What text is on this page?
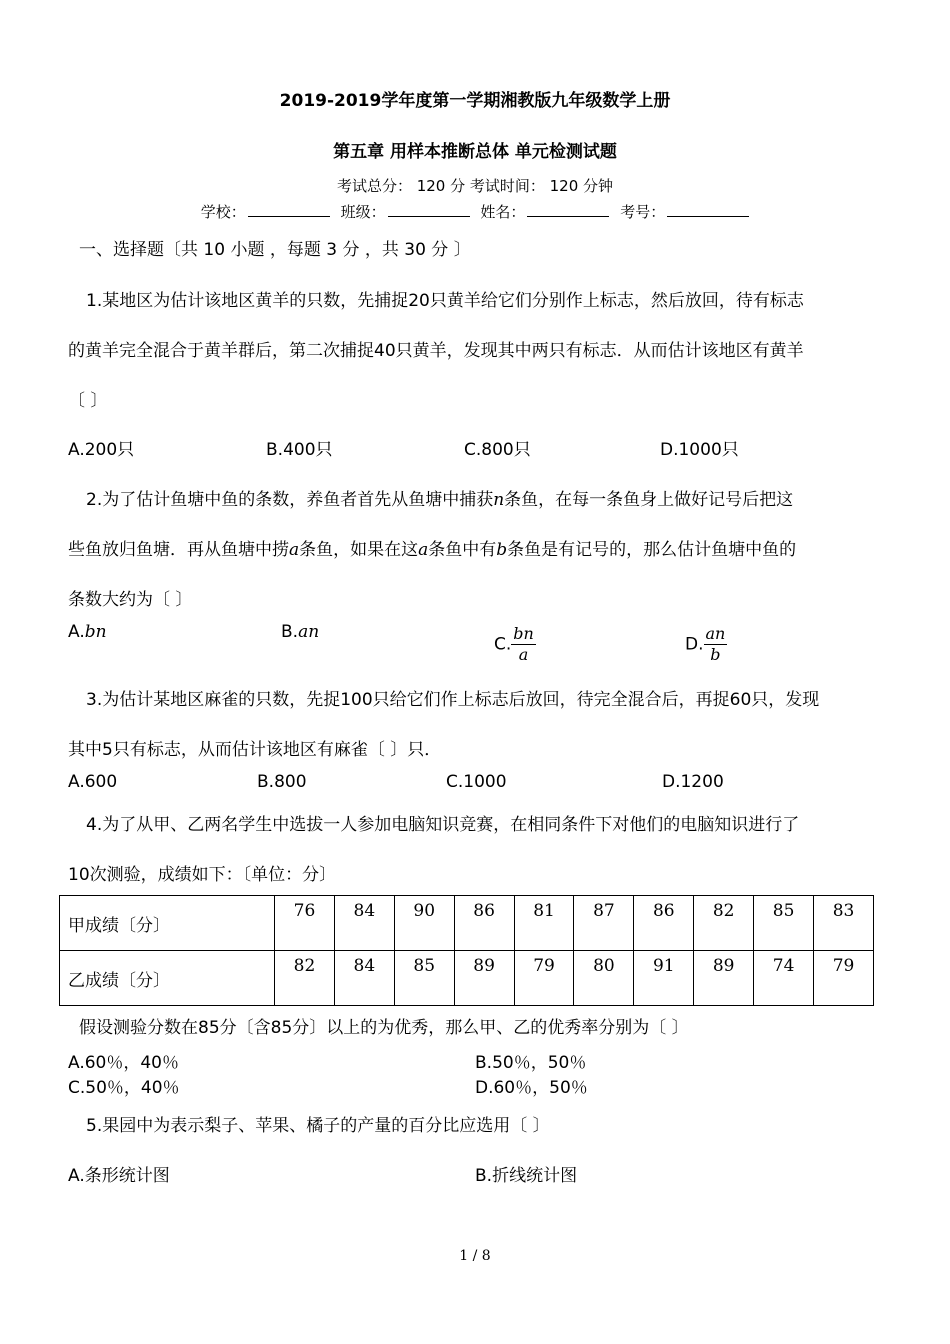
2019-2019学年度第一学期湘教版九年级数学上册
第五章 用样本推断总体 单元检测试题
考试总分： 120 分 考试时间： 120 分钟
学校：	班级：	姓名：	考号：
一、选择题〔共 10 小题 ，每题 3 分 ，共 30 分 〕
1.某地区为估计该地区黄羊的只数，先捕捉20只黄羊给它们分别作上标志，然后放回，待有标志
的黄羊完全混合于黄羊群后，第二次捕捉40只黄羊，发现其中两只有标志．从而估计该地区有黄羊
〔 〕
A.200只	B.400只	C.800只	D.1000只
2.为了估计鱼塘中鱼的条数，养鱼者首先从鱼塘中捕获n条鱼，在每一条鱼身上做好记号后把这
些鱼放归鱼塘．再从鱼塘中捞a条鱼，如果在这a条鱼中有b条鱼是有记号的，那么估计鱼塘中鱼的
条数大约为〔 〕
A.bn	B.an
C. $\frac{bn}{a}$	D. $\frac{an}{b}$
3.为估计某地区麻雀的只数，先捉100只给它们作上标志后放回，待完全混合后，再捉60只，发现
其中5只有标志，从而估计该地区有麻雀〔 〕只．
A.600	B.800	C.1000	D.1200
4.为了从甲、乙两名学生中选拔一人参加电脑知识竞赛，在相同条件下对他们的电脑知识进行了
10次测验，成绩如下：〔单位：分〕
甲成绩〔分〕	76	84	90	86	81	87	86	82	85	83
乙成绩〔分〕	82	84	85	89	79	80	91	89	74	79
假设测验分数在85分〔含85分〕以上的为优秀，那么甲、乙的优秀率分别为〔 〕
A.60％，40％	B.50％，50％
C.50％，40％	D.60％，50％
5.果园中为表示梨子、苹果、橘子的产量的百分比应选用〔 〕
A.条形统计图	B.折线统计图
1 / 8
